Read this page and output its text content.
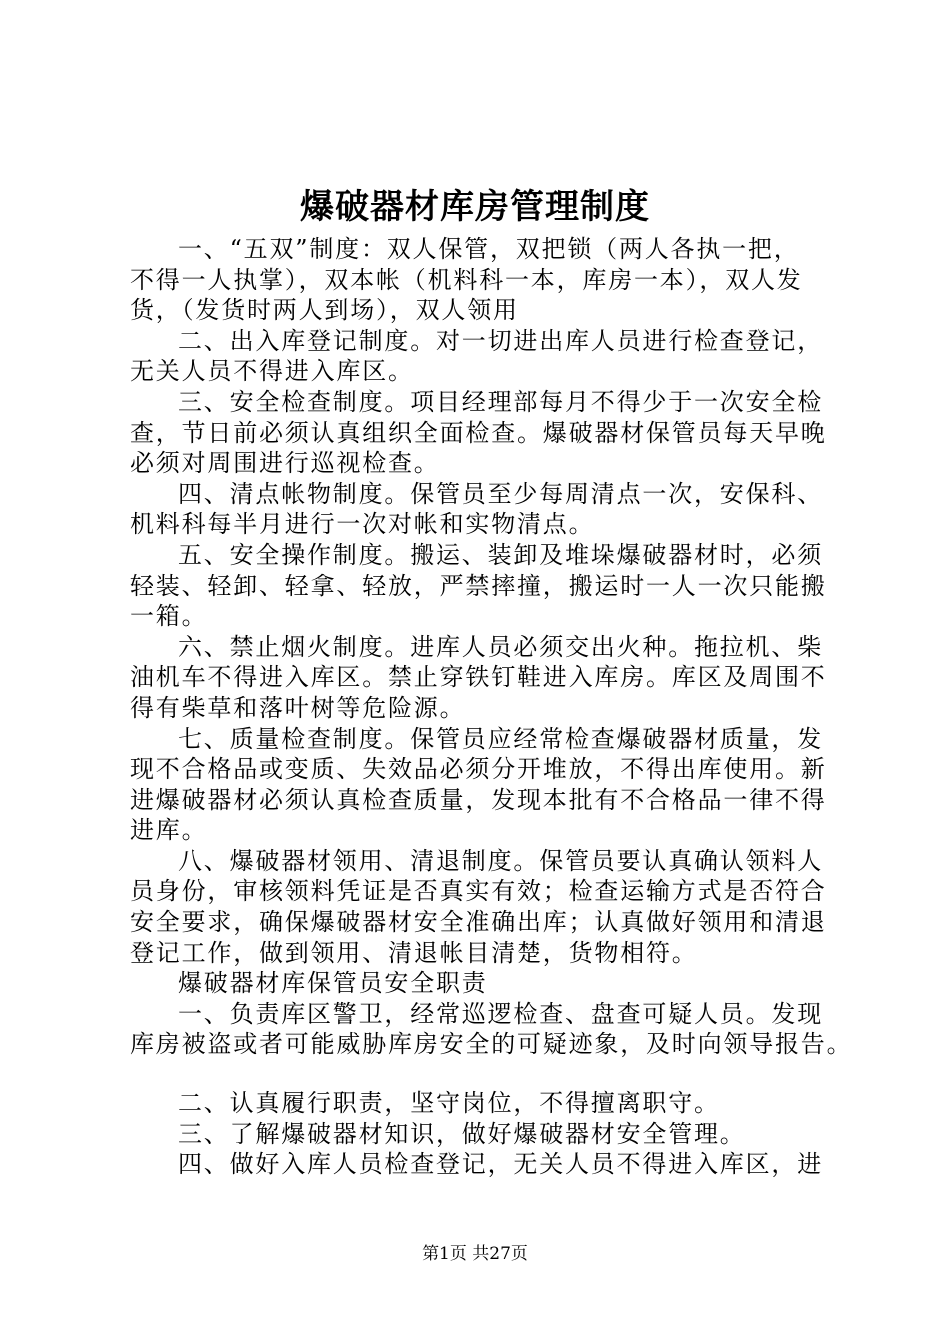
爆破器材库房管理制度
一、“五双”制度：双人保管，双把锁（两人各执一把，
不得一人执掌），双本帐（机料科一本，库房一本），双人发
货，（发货时两人到场），双人领用
二、出入库登记制度。对一切进出库人员进行检查登记，
无关人员不得进入库区。
三、安全检查制度。项目经理部每月不得少于一次安全检
查，节日前必须认真组织全面检查。爆破器材保管员每天早晚
必须对周围进行巡视检查。
四、清点帐物制度。保管员至少每周清点一次，安保科、
机料科每半月进行一次对帐和实物清点。
五、安全操作制度。搬运、装卸及堆垛爆破器材时，必须
轻装、轻卸、轻拿、轻放，严禁摔撞，搬运时一人一次只能搬
一箱。
六、禁止烟火制度。进库人员必须交出火种。拖拉机、柴
油机车不得进入库区。禁止穿铁钉鞋进入库房。库区及周围不
得有柴草和落叶树等危险源。
七、质量检查制度。保管员应经常检查爆破器材质量，发
现不合格品或变质、失效品必须分开堆放，不得出库使用。新
进爆破器材必须认真检查质量，发现本批有不合格品一律不得
进库。
八、爆破器材领用、清退制度。保管员要认真确认领料人
员身份，审核领料凭证是否真实有效；检查运输方式是否符合
安全要求，确保爆破器材安全准确出库；认真做好领用和清退
登记工作，做到领用、清退帐目清楚，货物相符。
爆破器材库保管员安全职责
一、负责库区警卫，经常巡逻检查、盘查可疑人员。发现
库房被盗或者可能威胁库房安全的可疑迹象，及时向领导报告。
二、认真履行职责，坚守岗位，不得擅离职守。
三、了解爆破器材知识，做好爆破器材安全管理。
四、做好入库人员检查登记，无关人员不得进入库区，进
第1页 共27页
